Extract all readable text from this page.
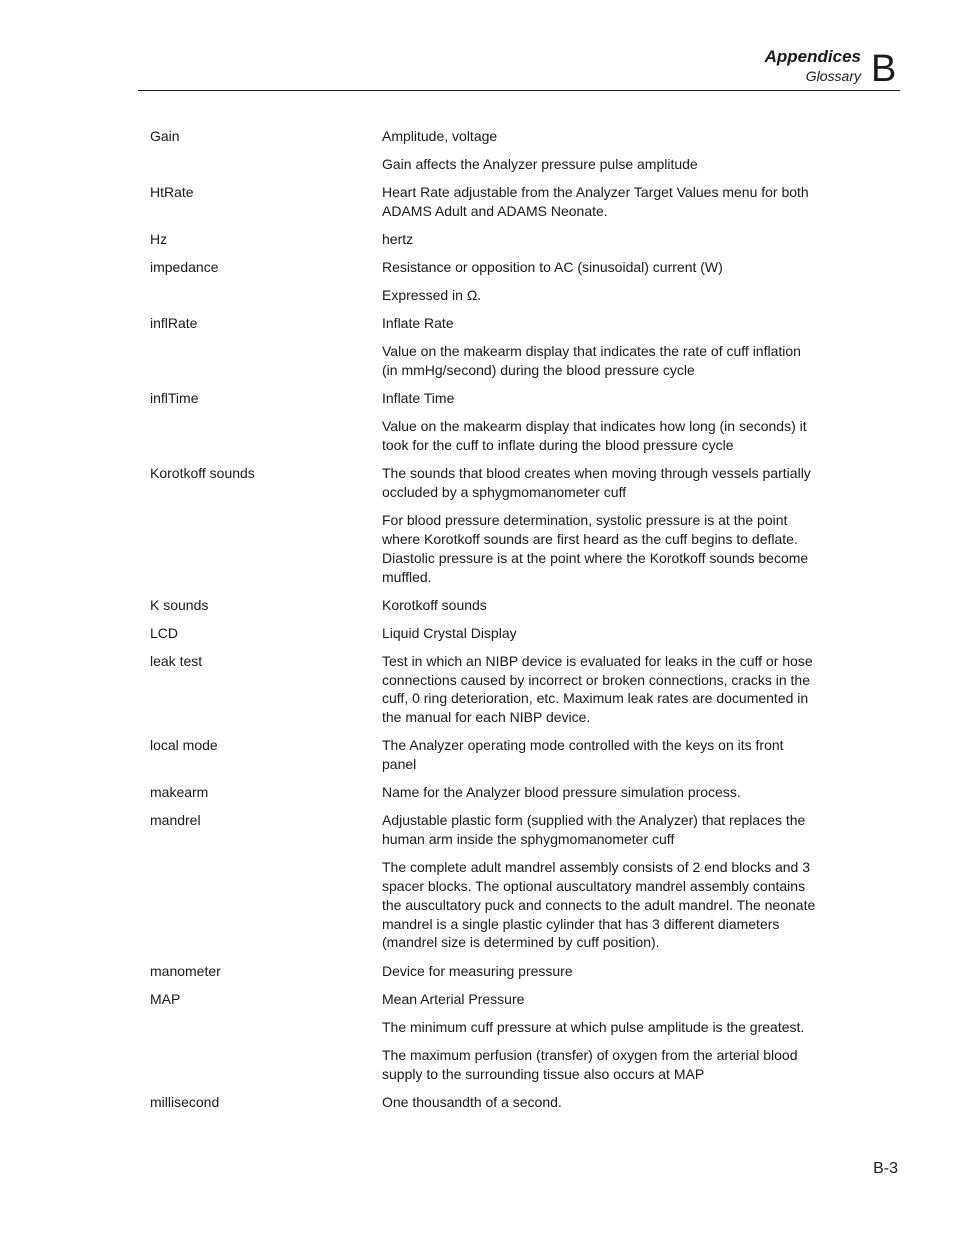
Appendices
Glossary B
Gain	Amplitude, voltage
Gain affects the Analyzer pressure pulse amplitude
HtRate	Heart Rate adjustable from the Analyzer Target Values menu for both ADAMS Adult and ADAMS Neonate.
Hz	hertz
impedance	Resistance or opposition to AC (sinusoidal) current (W)
Expressed in Ω.
inflRate	Inflate Rate
Value on the makearm display that indicates the rate of cuff inflation (in mmHg/second) during the blood pressure cycle
inflTime	Inflate Time
Value on the makearm display that indicates how long (in seconds) it took for the cuff to inflate during the blood pressure cycle
Korotkoff sounds	The sounds that blood creates when moving through vessels partially occluded by a sphygmomanometer cuff
For blood pressure determination, systolic pressure is at the point where Korotkoff sounds are first heard as the cuff begins to deflate. Diastolic pressure is at the point where the Korotkoff sounds become muffled.
K sounds	Korotkoff sounds
LCD	Liquid Crystal Display
leak test	Test in which an NIBP device is evaluated for leaks in the cuff or hose connections caused by incorrect or broken connections, cracks in the cuff, 0 ring deterioration, etc. Maximum leak rates are documented in the manual for each NIBP device.
local mode	The Analyzer operating mode controlled with the keys on its front panel
makearm	Name for the Analyzer blood pressure simulation process.
mandrel	Adjustable plastic form (supplied with the Analyzer) that replaces the human arm inside the sphygmomanometer cuff
The complete adult mandrel assembly consists of 2 end blocks and 3 spacer blocks. The optional auscultatory mandrel assembly contains the auscultatory puck and connects to the adult mandrel. The neonate mandrel is a single plastic cylinder that has 3 different diameters (mandrel size is determined by cuff position).
manometer	Device for measuring pressure
MAP	Mean Arterial Pressure
The minimum cuff pressure at which pulse amplitude is the greatest.
The maximum perfusion (transfer) of oxygen from the arterial blood supply to the surrounding tissue also occurs at MAP
millisecond	One thousandth of a second.
B-3
